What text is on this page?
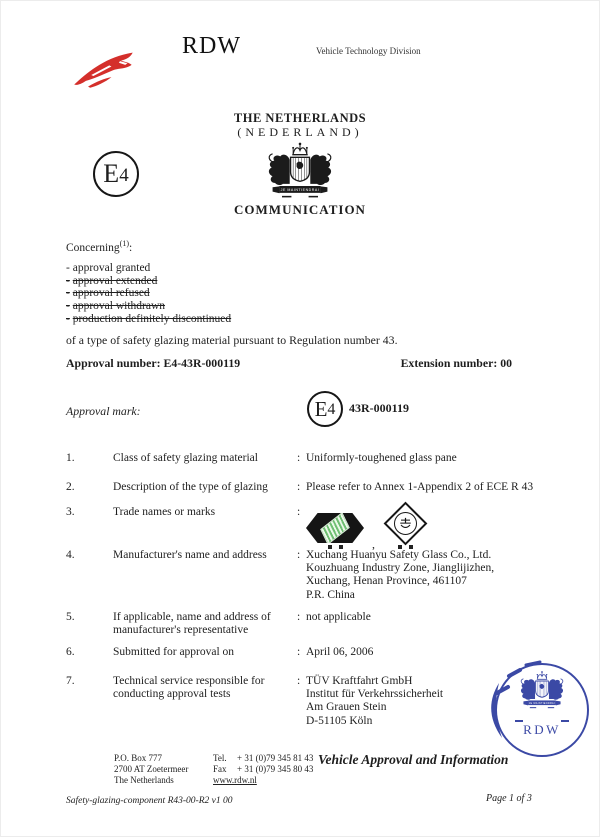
RDW	Vehicle Technology Division
THE NETHERLANDS
(NEDERLAND)
COMMUNICATION
E 4
Concerning$^{(1)}$:
- approval granted
- approval extended
- approval refused
- approval withdrawn
- production definitely discontinued
of a type of safety glazing material pursuant to Regulation number 43.
Approval number: E4-43R-000119	Extension number: 00
Approval mark:	E 4 43R-000119
1.	Class of safety glazing material	: Uniformly-toughened glass pane
2.	Description of the type of glazing	: Please refer to Annex 1-Appendix 2 of ECE R 43
3.	Trade names or marks	:
,
4.	Manufacturer's name and address	: Xuchang Huanyu Safety Glass Co., Ltd.
Kouzhuang Industry Zone, Jianglijizhen,
Xuchang, Henan Province, 461107
P.R. China
5.	If applicable, name and address of manufacturer's representative
: not applicable
6.	Submitted for approval on	: April 06, 2006
7.	Technical service responsible for conducting approval tests
: TÜV Kraftfahrt GmbH
Institut für Verkehrssicherheit
Am Grauen Stein
D-51105 Köln
RDW
P.O. Box 777
2700 AT Zoetermeer
The Netherlands
Tel.	+ 31 (0)79 345 81 43
Fax	+ 31 (0)79 345 80 43
www.rdw.nl
Vehicle Approval and Information
Safety-glazing-component R43-00-R2 v1 00	Page 1 of 3
